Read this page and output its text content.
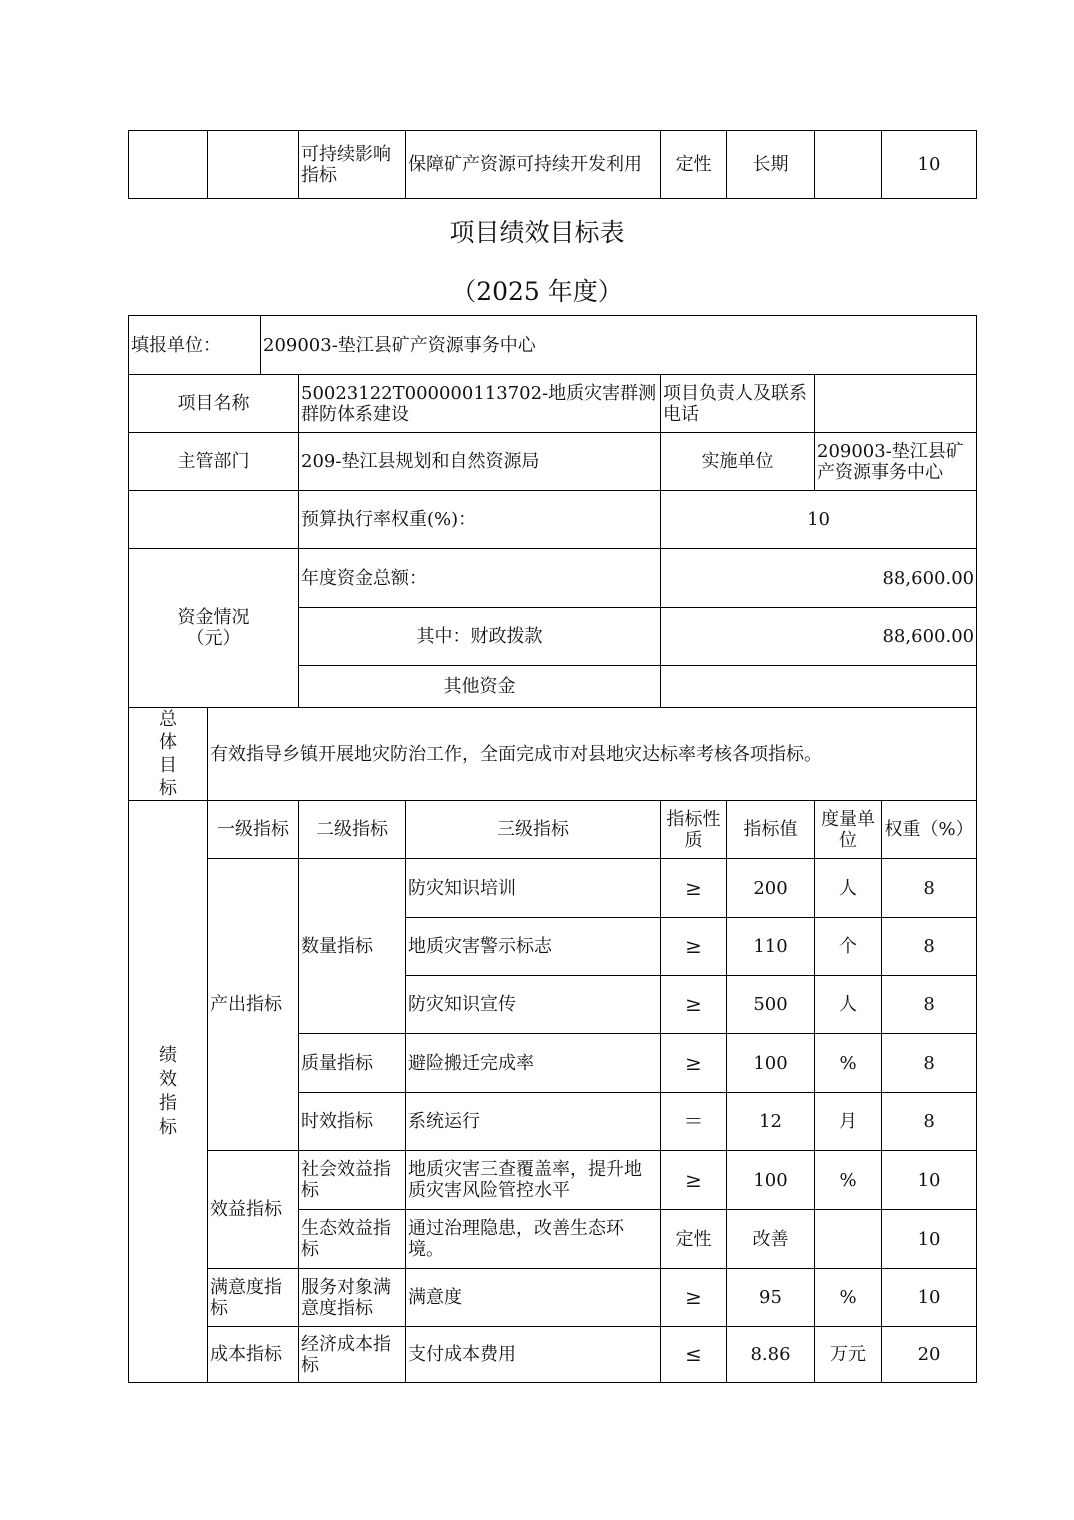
		可持续影响指标	保障矿产资源可持续开发利用	定性	长期		10
项目绩效目标表
（2025 年度）
填报单位：		209003-垫江县矿产资源事务中心						
项目名称			50023122T000000113702-地质灾害群测群防体系建设		项目负责人及联系电话			
主管部门			209-垫江县规划和自然资源局		实施单位		209003-垫江县矿产资源事务中心	
			预算执行率权重(%)：		10			

资金情况（元）			年度资金总额：		88,600.00			
			其中：财政拨款		88,600.00			
			其他资金					

总体目标	有效指导乡镇开展地灾防治工作，全面完成市对县地灾达标率考核各项指标。							

绩效指标	一级指标		二级指标	三级指标	指标性质	指标值	度量单位	权重（%）
	产出指标		数量指标	防灾知识培训	≥	200	人	8
				地质灾害警示标志	≥	110	个	8
				防灾知识宣传	≥	500	人	8
			质量指标	避险搬迁完成率	≥	100	%	8
			时效指标	系统运行	＝	12	月	8
	效益指标		社会效益指标	地质灾害三查覆盖率，提升地质灾害风险管控水平	≥	100	%	10
			生态效益指标	通过治理隐患，改善生态环境。	定性	改善		10
	满意度指标		服务对象满意度指标	满意度	≥	95	%	10
	成本指标		经济成本指标	支付成本费用	≤	8.86	万元	20
